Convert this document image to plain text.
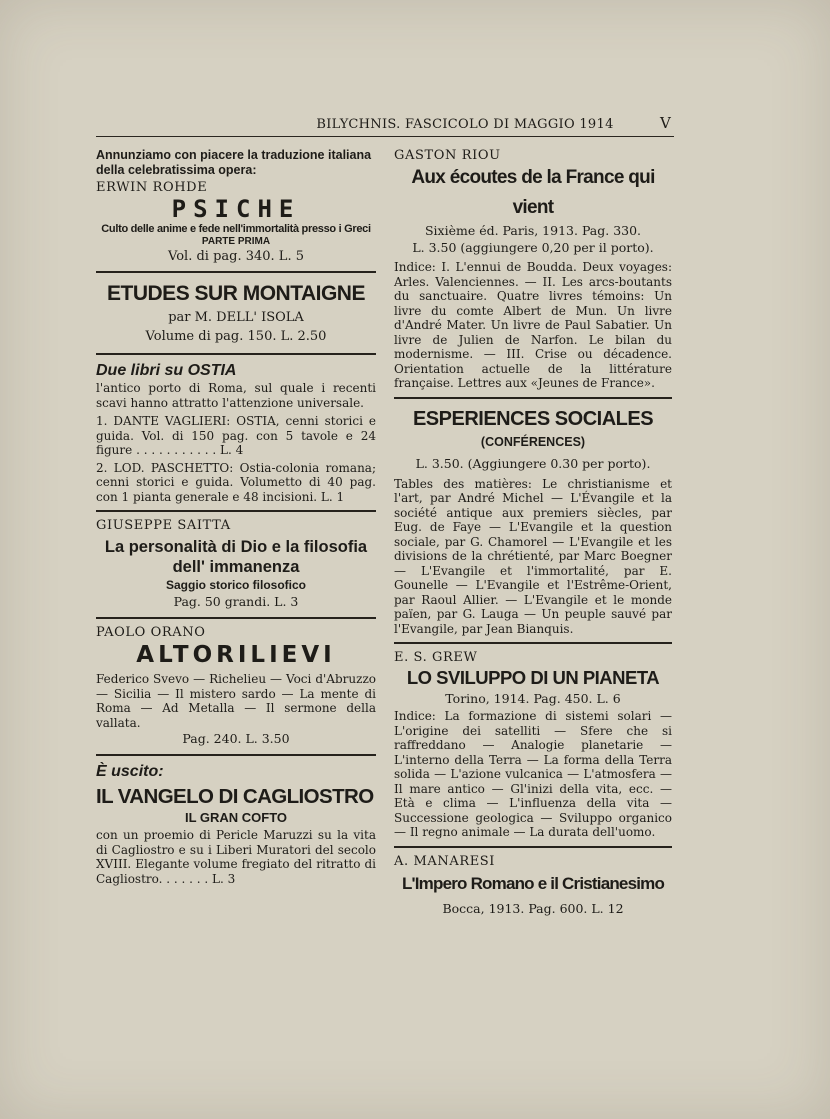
BILYCHNIS. FASCICOLO DI MAGGIO 1914	V

Annunziamo con piacere la traduzione italiana della celebratissima opera:

ERWIN ROHDE

PSICHE

Culto delle anime e fede nell'immortalità presso i Greci

PARTE PRIMA

Vol. di pag. 340. L. 5

ETUDES SUR MONTAIGNE

par M. DELL' ISOLA

Volume di pag. 150. L. 2.50

Due libri su OSTIA

l'antico porto di Roma, sul quale i recenti scavi hanno attratto l'attenzione universale.

1. DANTE VAGLIERI: OSTIA, cenni storici e guida. Vol. di 150 pag. con 5 tavole e 24 figure . . . . . . . . . . . L. 4

2. LOD. PASCHETTO: Ostia-colonia romana; cenni storici e guida. Volumetto di 40 pag. con 1 pianta generale e 48 incisioni. L. 1

GIUSEPPE SAITTA

La personalità di Dio e la filosofia dell' immanenza

Saggio storico filosofico

Pag. 50 grandi. L. 3

PAOLO ORANO

ALTORILIEVI

Federico Svevo — Richelieu — Voci d'Abruzzo — Sicilia — Il mistero sardo — La mente di Roma — Ad Metalla — Il sermone della vallata.

Pag. 240. L. 3.50

È uscito:

IL VANGELO DI CAGLIOSTRO

IL GRAN COFTO

con un proemio di Pericle Maruzzi su la vita di Cagliostro e su i Liberi Muratori del secolo XVIII. Elegante volume fregiato del ritratto di Cagliostro. . . . . . . L. 3

GASTON RIOU

Aux écoutes de la France qui vient

Sixième éd. Paris, 1913. Pag. 330.

L. 3.50 (aggiungere 0,20 per il porto).

Indice: I. L'ennui de Boudda. Deux voyages: Arles. Valenciennes. — II. Les arcs-boutants du sanctuaire. Quatre livres témoins: Un livre du comte Albert de Mun. Un livre d'André Mater. Un livre de Paul Sabatier. Un livre de Julien de Narfon. Le bilan du modernisme. — III. Crise ou décadence. Orientation actuelle de la littérature française. Lettres aux «Jeunes de France».

ESPERIENCES SOCIALES

(CONFÉRENCES)

L. 3.50. (Aggiungere 0.30 per porto).

Tables des matières: Le christianisme et l'art, par André Michel — L'Évangile et la société antique aux premiers siècles, par Eug. de Faye — L'Evangile et la question sociale, par G. Chamorel — L'Evangile et les divisions de la chrétienté, par Marc Boegner — L'Evangile et l'immortalité, par E. Gounelle — L'Evangile et l'Estrême-Orient, par Raoul Allier. — L'Evangile et le monde païen, par G. Lauga — Un peuple sauvé par l'Evangile, par Jean Bianquis.

E. S. GREW

LO SVILUPPO DI UN PIANETA

Torino, 1914. Pag. 450. L. 6

Indice: La formazione di sistemi solari — L'origine dei satelliti — Sfere che si raffreddano — Analogie planetarie — L'interno della Terra — La forma della Terra solida — L'azione vulcanica — L'atmosfera — Il mare antico — Gl'inizi della vita, ecc. — Età e clima — L'influenza della vita — Successione geologica — Sviluppo organico — Il regno animale — La durata dell'uomo.

A. MANARESI

L'Impero Romano e il Cristianesimo

Bocca, 1913. Pag. 600. L. 12
